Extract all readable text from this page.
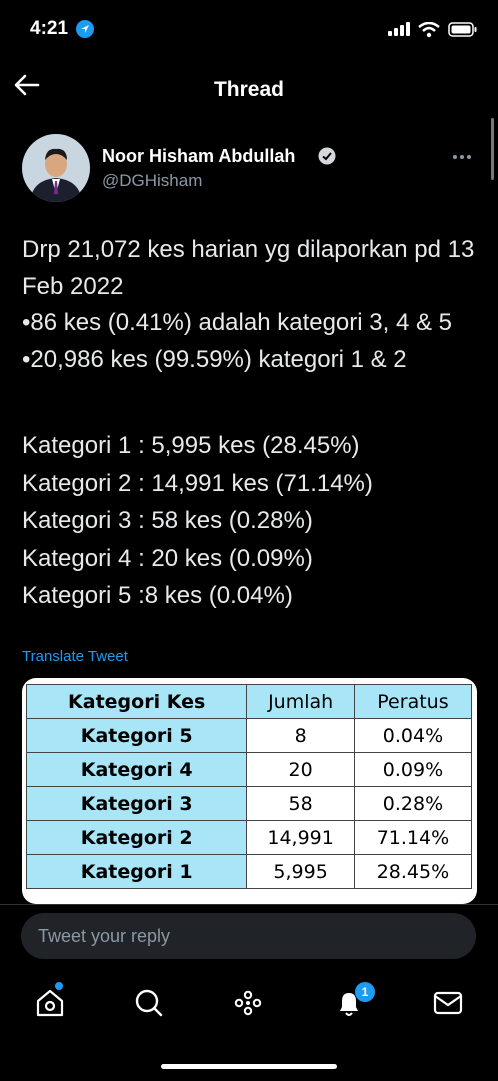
4:21
Thread
Noor Hisham Abdullah
@DGHisham

Drp 21,072 kes harian yg dilaporkan pd 13 Feb 2022

•86 kes (0.41%) adalah kategori 3, 4 & 5

•20,986 kes (99.59%) kategori 1 & 2

Kategori 1 : 5,995 kes (28.45%)

Kategori 2 : 14,991 kes (71.14%)

Kategori 3 : 58 kes (0.28%)

Kategori 4 : 20 kes (0.09%)

Kategori 5 :8 kes (0.04%)

Translate Tweet
Kategori Kes	Jumlah	Peratus
Kategori 5	8	0.04%
Kategori 4	20	0.09%
Kategori 3	58	0.28%
Kategori 2	14,991	71.14%
Kategori 1	5,995	28.45%
Tweet your reply
1
